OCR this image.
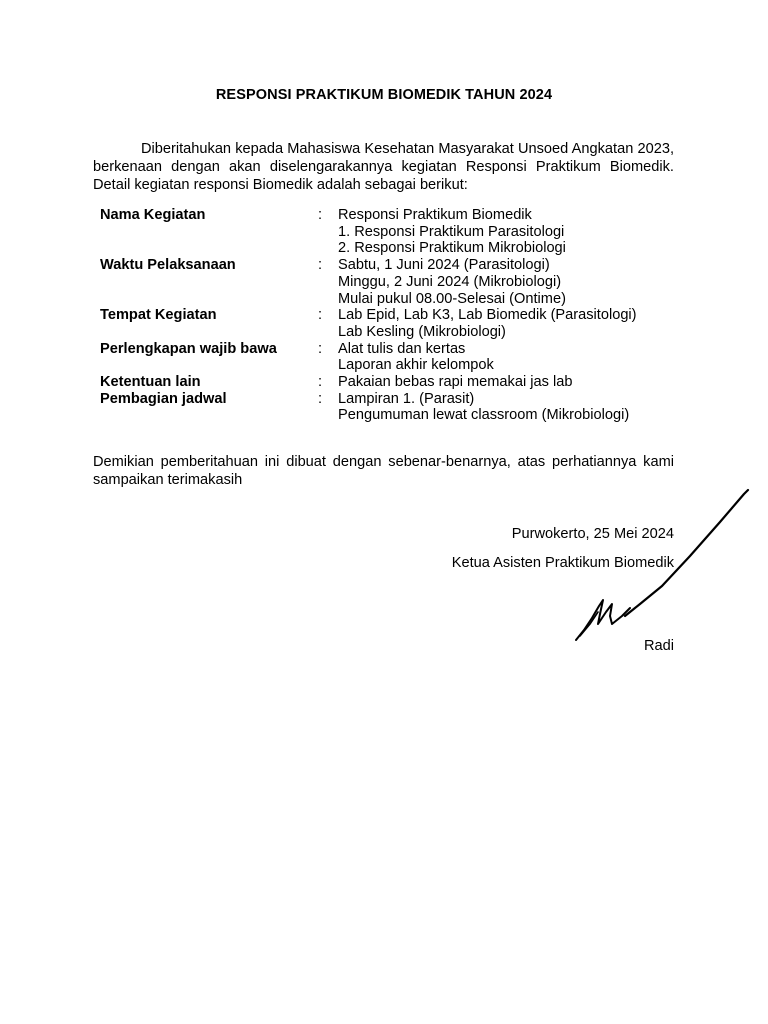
RESPONSI PRAKTIKUM BIOMEDIK TAHUN 2024

Diberitahukan kepada Mahasiswa Kesehatan Masyarakat Unsoed Angkatan 2023, berkenaan dengan akan diselengarakannya kegiatan Responsi Praktikum Biomedik. Detail kegiatan responsi Biomedik adalah sebagai berikut:

Nama Kegiatan	:	Responsi Praktikum Biomedik
1. Responsi Praktikum Parasitologi
2. Responsi Praktikum Mikrobiologi
Waktu Pelaksanaan	:	Sabtu, 1 Juni 2024 (Parasitologi)
Minggu, 2 Juni 2024 (Mikrobiologi)
Mulai pukul 08.00-Selesai (Ontime)
Tempat Kegiatan	:	Lab Epid, Lab K3, Lab Biomedik (Parasitologi)
Lab Kesling (Mikrobiologi)
Perlengkapan wajib bawa	:	Alat tulis dan kertas
Laporan akhir kelompok
Ketentuan lain	:	Pakaian bebas rapi memakai jas lab
Pembagian jadwal	:	Lampiran 1. (Parasit)
Pengumuman lewat classroom (Mikrobiologi)

Demikian pemberitahuan ini dibuat dengan sebenar-benarnya, atas perhatiannya kami sampaikan terimakasih

Purwokerto, 25 Mei 2024
Ketua Asisten Praktikum Biomedik
Radi
